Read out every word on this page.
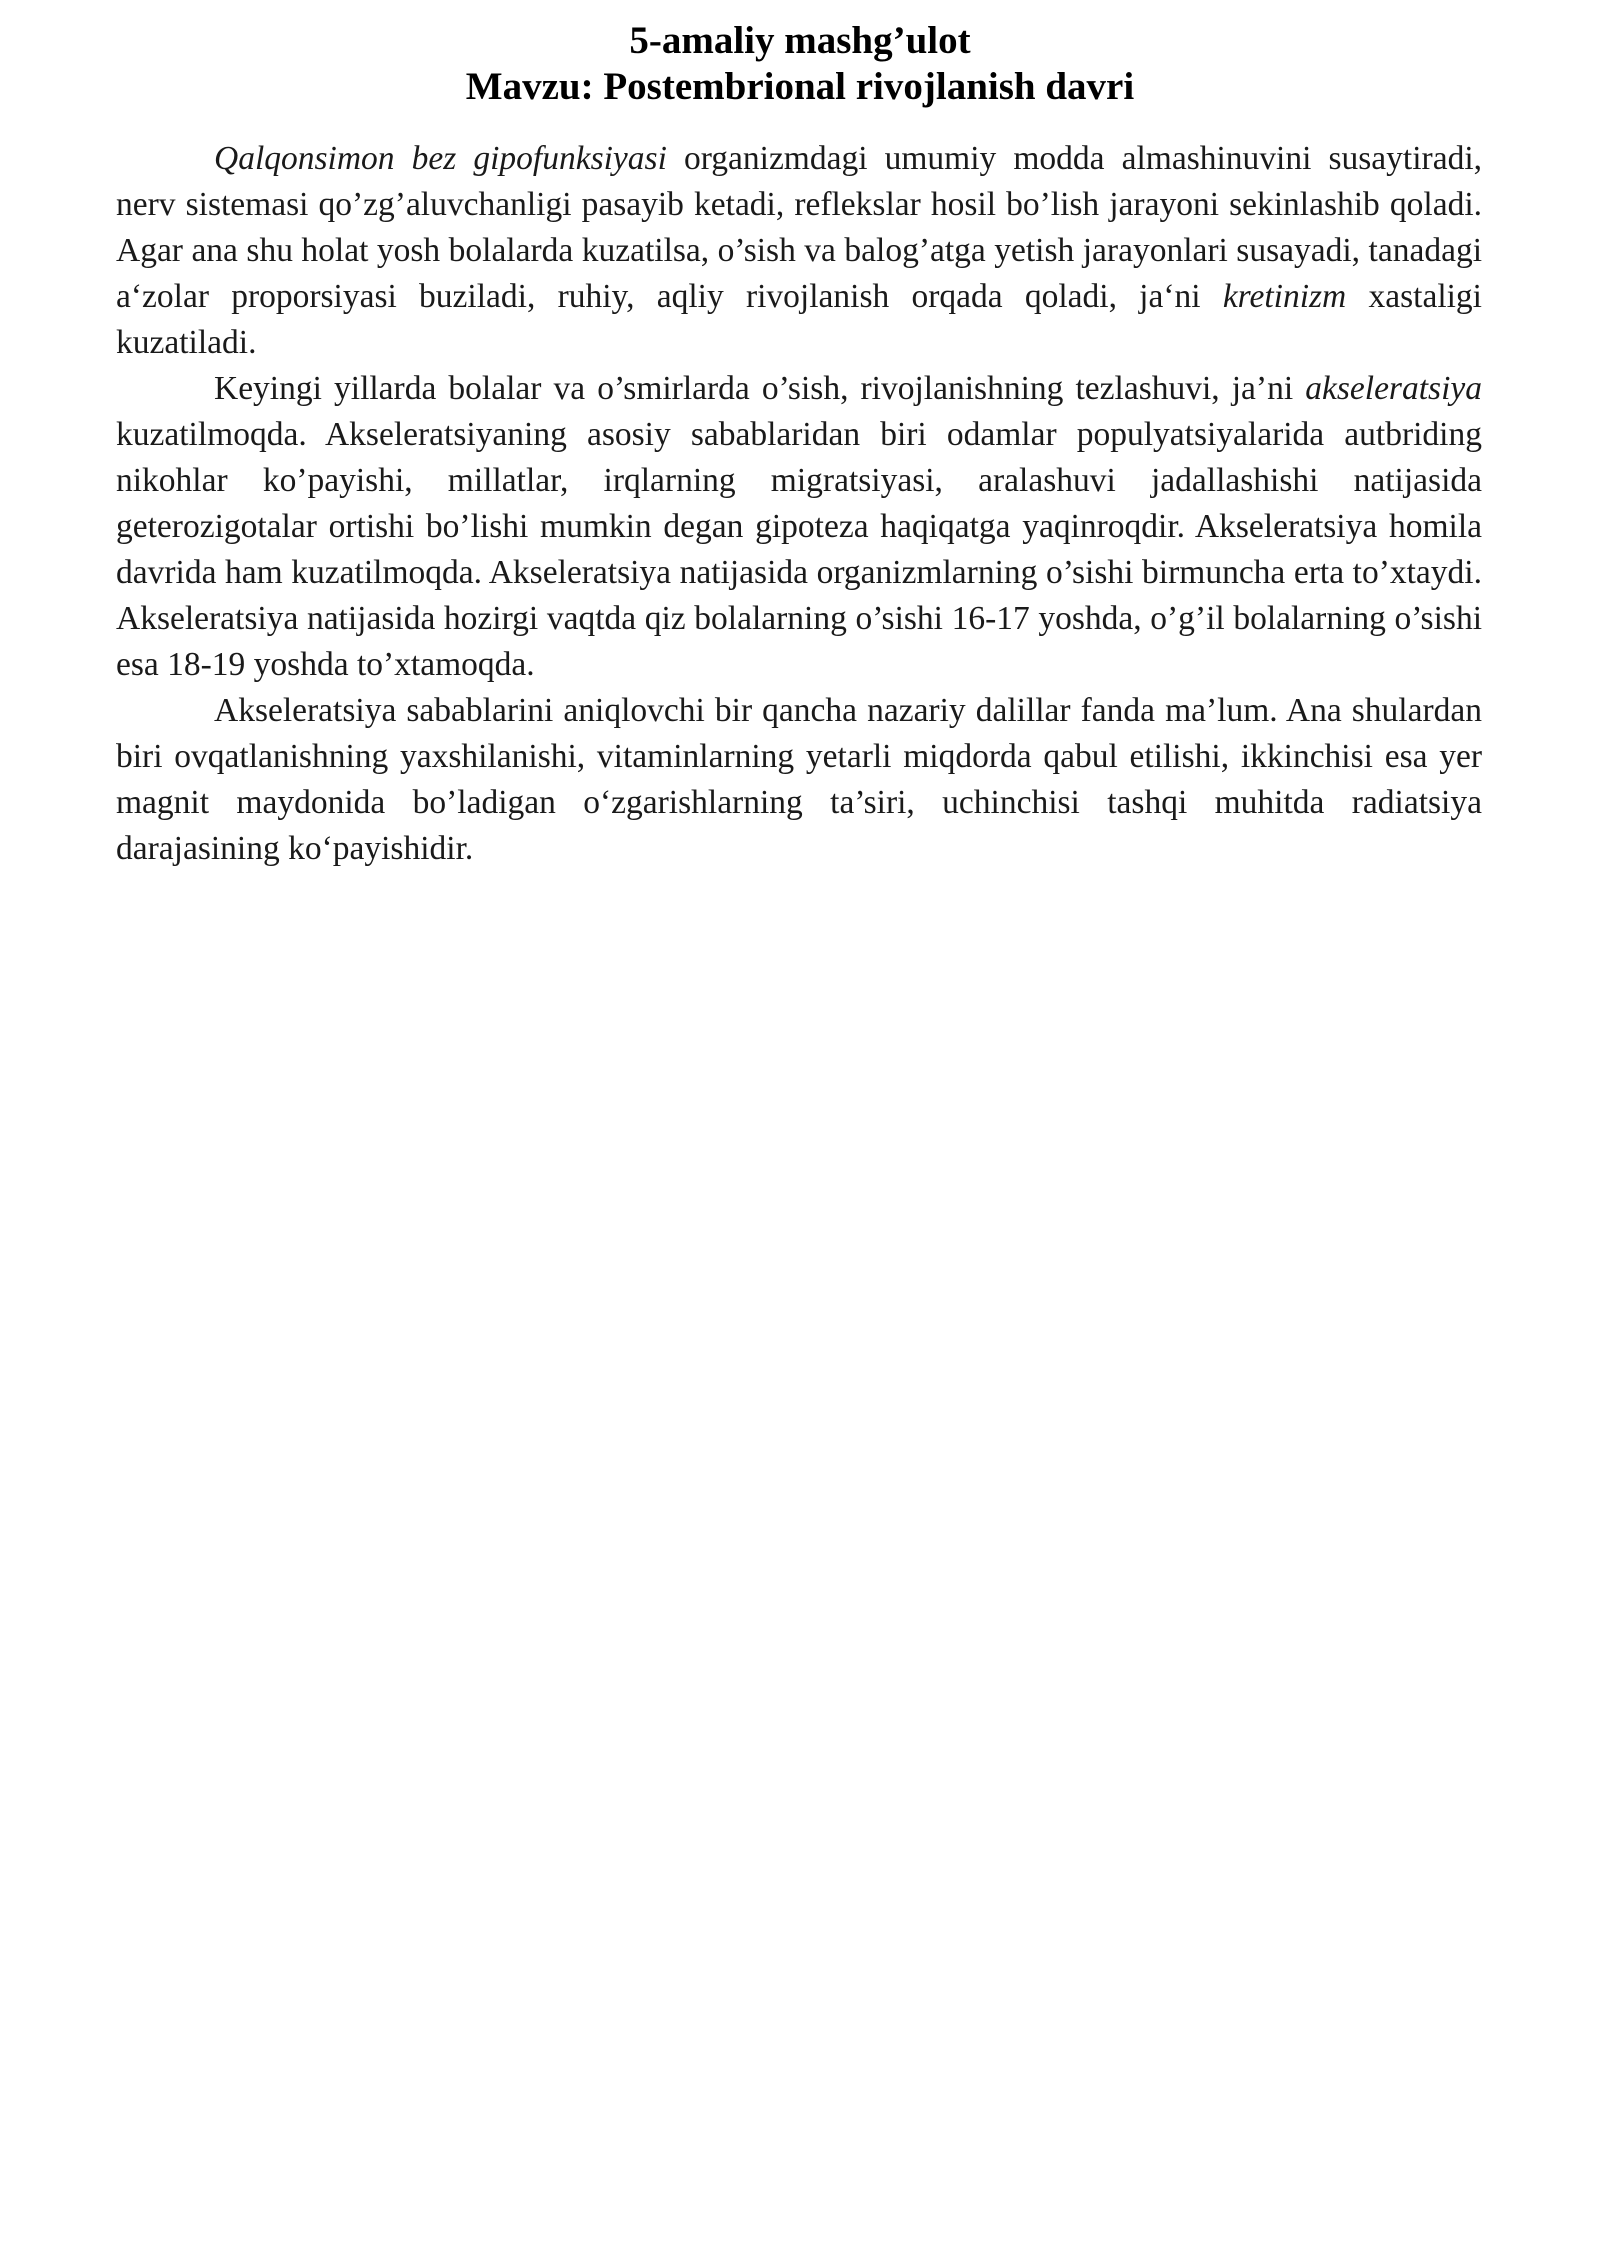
5-amaliy mashg’ulot
Mavzu: Postembrional rivojlanish davri

Qalqonsimon bez gipofunksiyasi organizmdagi umumiy modda almashinuvini susaytiradi, nerv sistemasi qo’zg’aluvchanligi pasayib ketadi, reflekslar hosil bo’lish jarayoni sekinlashib qoladi. Agar ana shu holat yosh bolalarda kuzatilsa, o’sish va balog’atga yetish jarayonlari susayadi, tanadagi a‘zolar proporsiyasi buziladi, ruhiy, aqliy rivojlanish orqada qoladi, ja‘ni kretinizm xastaligi kuzatiladi.

Keyingi yillarda bolalar va o’smirlarda o’sish, rivojlanishning tezlashuvi, ja’ni akseleratsiya kuzatilmoqda. Akseleratsiyaning asosiy sabablaridan biri odamlar populyatsiyalarida autbriding nikohlar ko’payishi, millatlar, irqlarning migratsiyasi, aralashuvi jadallashishi natijasida geterozigotalar ortishi bo’lishi mumkin degan gipoteza haqiqatga yaqinroqdir. Akseleratsiya homila davrida ham kuzatilmoqda. Akseleratsiya natijasida organizmlarning o’sishi birmuncha erta to’xtaydi. Akseleratsiya natijasida hozirgi vaqtda qiz bolalarning o’sishi 16-17 yoshda, o’g’il bolalarning o’sishi esa 18-19 yoshda to’xtamoqda.

Akseleratsiya sabablarini aniqlovchi bir qancha nazariy dalillar fanda ma’lum. Ana shulardan biri ovqatlanishning yaxshilanishi, vitaminlarning yetarli miqdorda qabul etilishi, ikkinchisi esa yer magnit maydonida bo’ladigan o‘zgarishlarning ta’siri, uchinchisi tashqi muhitda radiatsiya darajasining ko‘payishidir.
